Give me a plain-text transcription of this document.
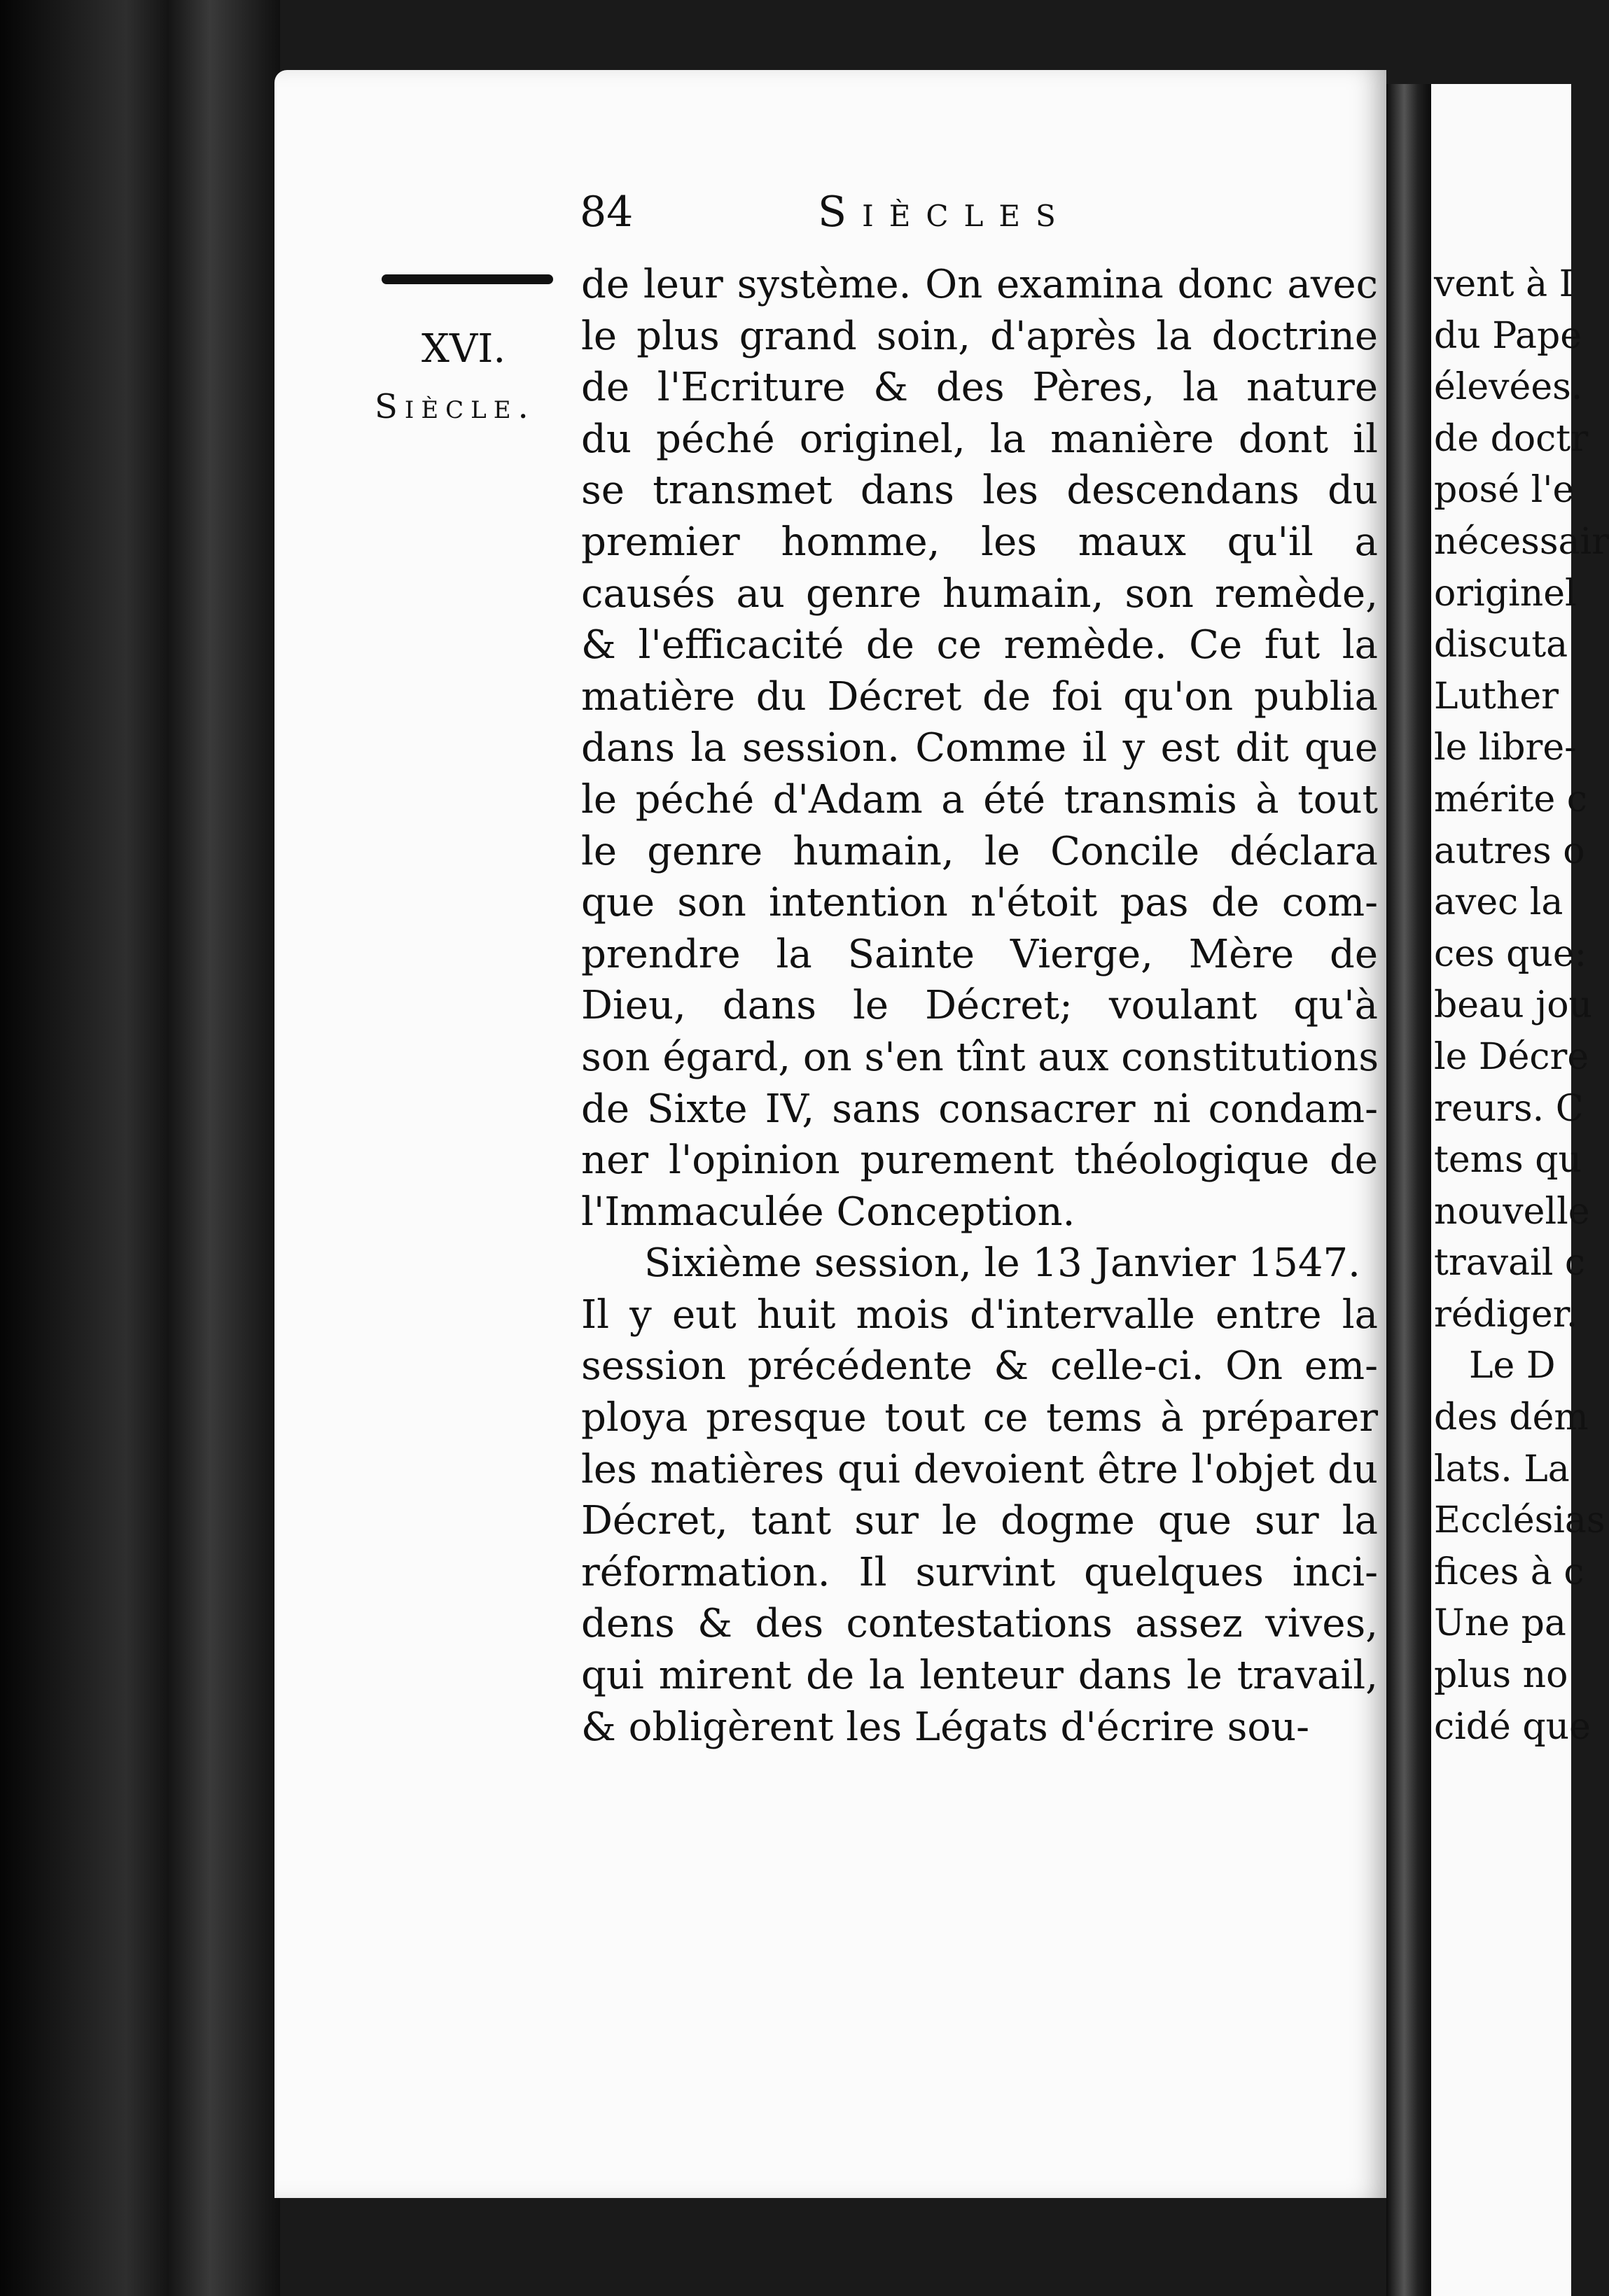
84	Siècles
XVI.
Siècle.
de leur système. On examina donc avec
le plus grand soin, d'après la doctrine
de l'Ecriture & des Pères, la nature
du péché originel, la manière dont il
se transmet dans les descendans du
premier homme, les maux qu'il a
causés au genre humain, son remède,
& l'efficacité de ce remède. Ce fut la
matière du Décret de foi qu'on publia
dans la session. Comme il y est dit que
le péché d'Adam a été transmis à tout
le genre humain, le Concile déclara
que son intention n'étoit pas de com-
prendre la Sainte Vierge, Mère de
Dieu, dans le Décret; voulant qu'à
son égard, on s'en tînt aux constitutions
de Sixte IV, sans consacrer ni condam-
ner l'opinion purement théologique de
l'Immaculée Conception.
Sixième session, le 13 Janvier 1547.
Il y eut huit mois d'intervalle entre la
session précédente & celle-ci. On em-
ploya presque tout ce tems à préparer
les matières qui devoient être l'objet du
Décret, tant sur le dogme que sur la
réformation. Il survint quelques inci-
dens & des contestations assez vives,
qui mirent de la lenteur dans le travail,
& obligèrent les Légats d'écrire sou-
vent à I
du Pape
élevées.
de doctr
posé l'e
nécessair
originel
discuta
Luther
le libre-
mérite c
autres o
avec la
ces que:
beau jou
le Décre
reurs. C
tems qu
nouvelle
travail c
rédiger.
Le D
des dém
lats. La
Ecclésias
fices à c
Une pa
plus no
cidé que
